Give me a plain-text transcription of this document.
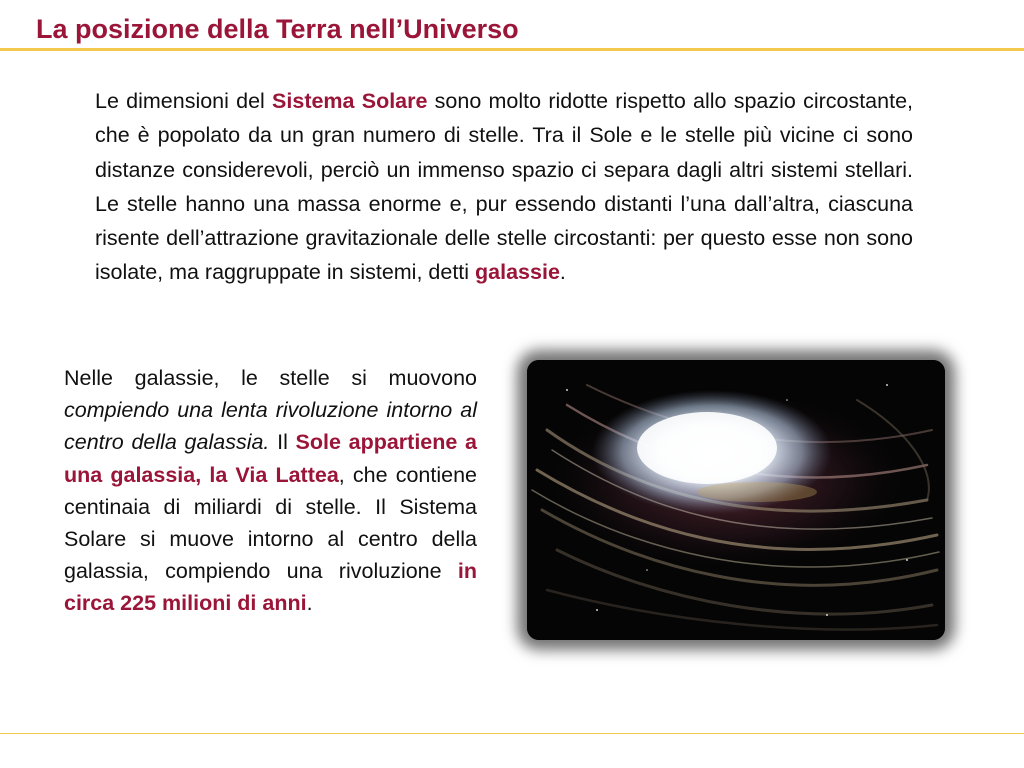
La posizione della Terra nell’Universo

Le dimensioni del Sistema Solare sono molto ridotte rispetto allo spazio circostante, che è popolato da un gran numero di stelle. Tra il Sole e le stelle più vicine ci sono distanze considerevoli, perciò un immenso spazio ci separa dagli altri sistemi stellari. Le stelle hanno una massa enorme e, pur essendo distanti l’una dall’altra, ciascuna risente dell’attrazione gravitazionale delle stelle circostanti: per questo esse non sono isolate, ma raggruppate in sistemi, detti galassie.

Nelle galassie, le stelle si muovono compiendo una lenta rivoluzione intorno al centro della galassia. Il Sole appartiene a una galassia, la Via Lattea, che contiene centinaia di miliardi di stelle. Il Sistema Solare si muove intorno al centro della galassia, compiendo una rivoluzione in circa 225 milioni di anni.
